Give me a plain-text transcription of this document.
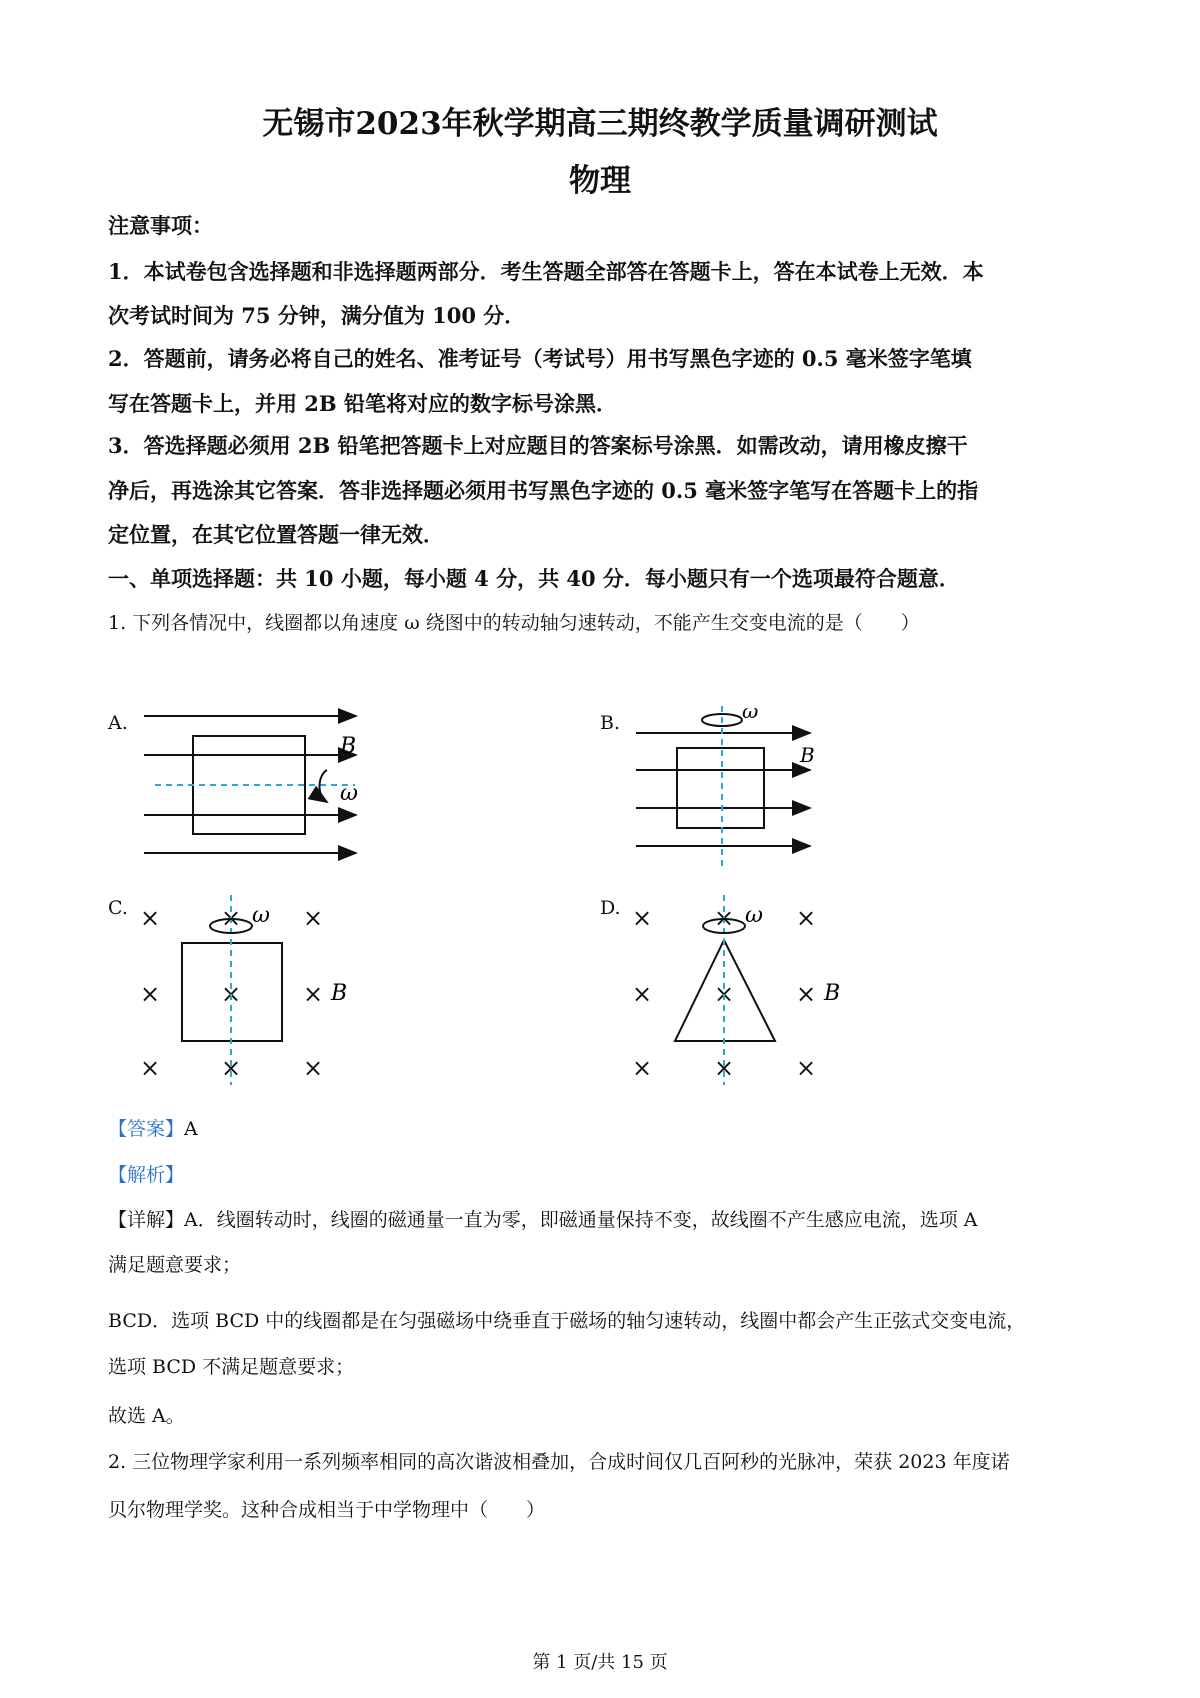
无锡市2023年秋学期高三期终教学质量调研测试
物理
注意事项：
1．本试卷包含选择题和非选择题两部分．考生答题全部答在答题卡上，答在本试卷上无效．本
次考试时间为 75 分钟，满分值为 100 分．
2．答题前，请务必将自己的姓名、准考证号（考试号）用书写黑色字迹的 0.5 毫米签字笔填
写在答题卡上，并用 2B 铅笔将对应的数字标号涂黑．
3．答选择题必须用 2B 铅笔把答题卡上对应题目的答案标号涂黑．如需改动，请用橡皮擦干
净后，再选涂其它答案．答非选择题必须用书写黑色字迹的 0.5 毫米签字笔写在答题卡上的指
定位置，在其它位置答题一律无效．
一、单项选择题：共 10 小题，每小题 4 分，共 40 分．每小题只有一个选项最符合题意．
1. 下列各情况中，线圈都以角速度 ω 绕图中的转动轴匀速转动，不能产生交变电流的是（　　）
A.	B.
C.	D.
B
ω
ω
B
×	×	×
×	×	×
×	×	×
ω
B
×	×	×
×	×	×
×	×	×
ω
B
【答案】A
【解析】
【详解】A．线圈转动时，线圈的磁通量一直为零，即磁通量保持不变，故线圈不产生感应电流，选项 A
满足题意要求；
BCD．选项 BCD 中的线圈都是在匀强磁场中绕垂直于磁场的轴匀速转动，线圈中都会产生正弦式交变电流，
选项 BCD 不满足题意要求；
故选 A。
2. 三位物理学家利用一系列频率相同的高次谐波相叠加，合成时间仅几百阿秒的光脉冲，荣获 2023 年度诺
贝尔物理学奖。这种合成相当于中学物理中（　　）
第 1 页/共 15 页
